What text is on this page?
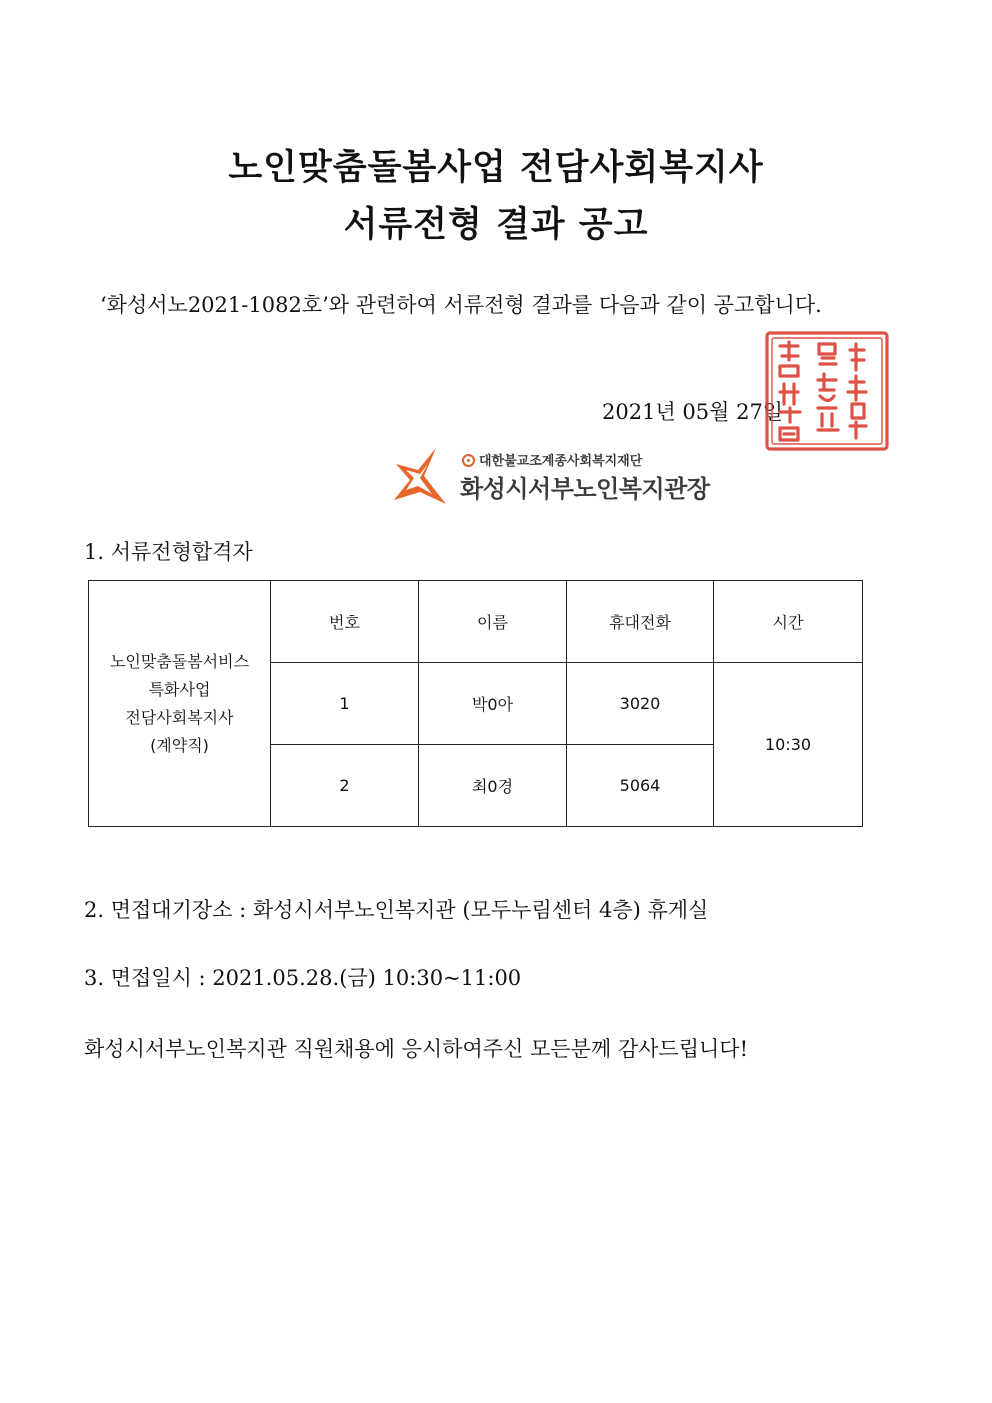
노인맞춤돌봄사업 전담사회복지사
서류전형 결과 공고
‘화성서노2021-1082호’와 관련하여 서류전형 결과를 다음과 같이 공고합니다.
2021년 05월 27일
대한불교조계종사회복지재단
화성시서부노인복지관장
1. 서류전형합격자
노인맞춤돌봄서비스
특화사업
전담사회복지사
(계약직)	번호	이름	휴대전화	시간
	1	박0아	3020	10:30
	2	최0경	5064	
2. 면접대기장소 : 화성시서부노인복지관 (모두누림센터 4층) 휴게실
3. 면접일시 : 2021.05.28.(금) 10:30~11:00
화성시서부노인복지관 직원채용에 응시하여주신 모든분께 감사드립니다!
